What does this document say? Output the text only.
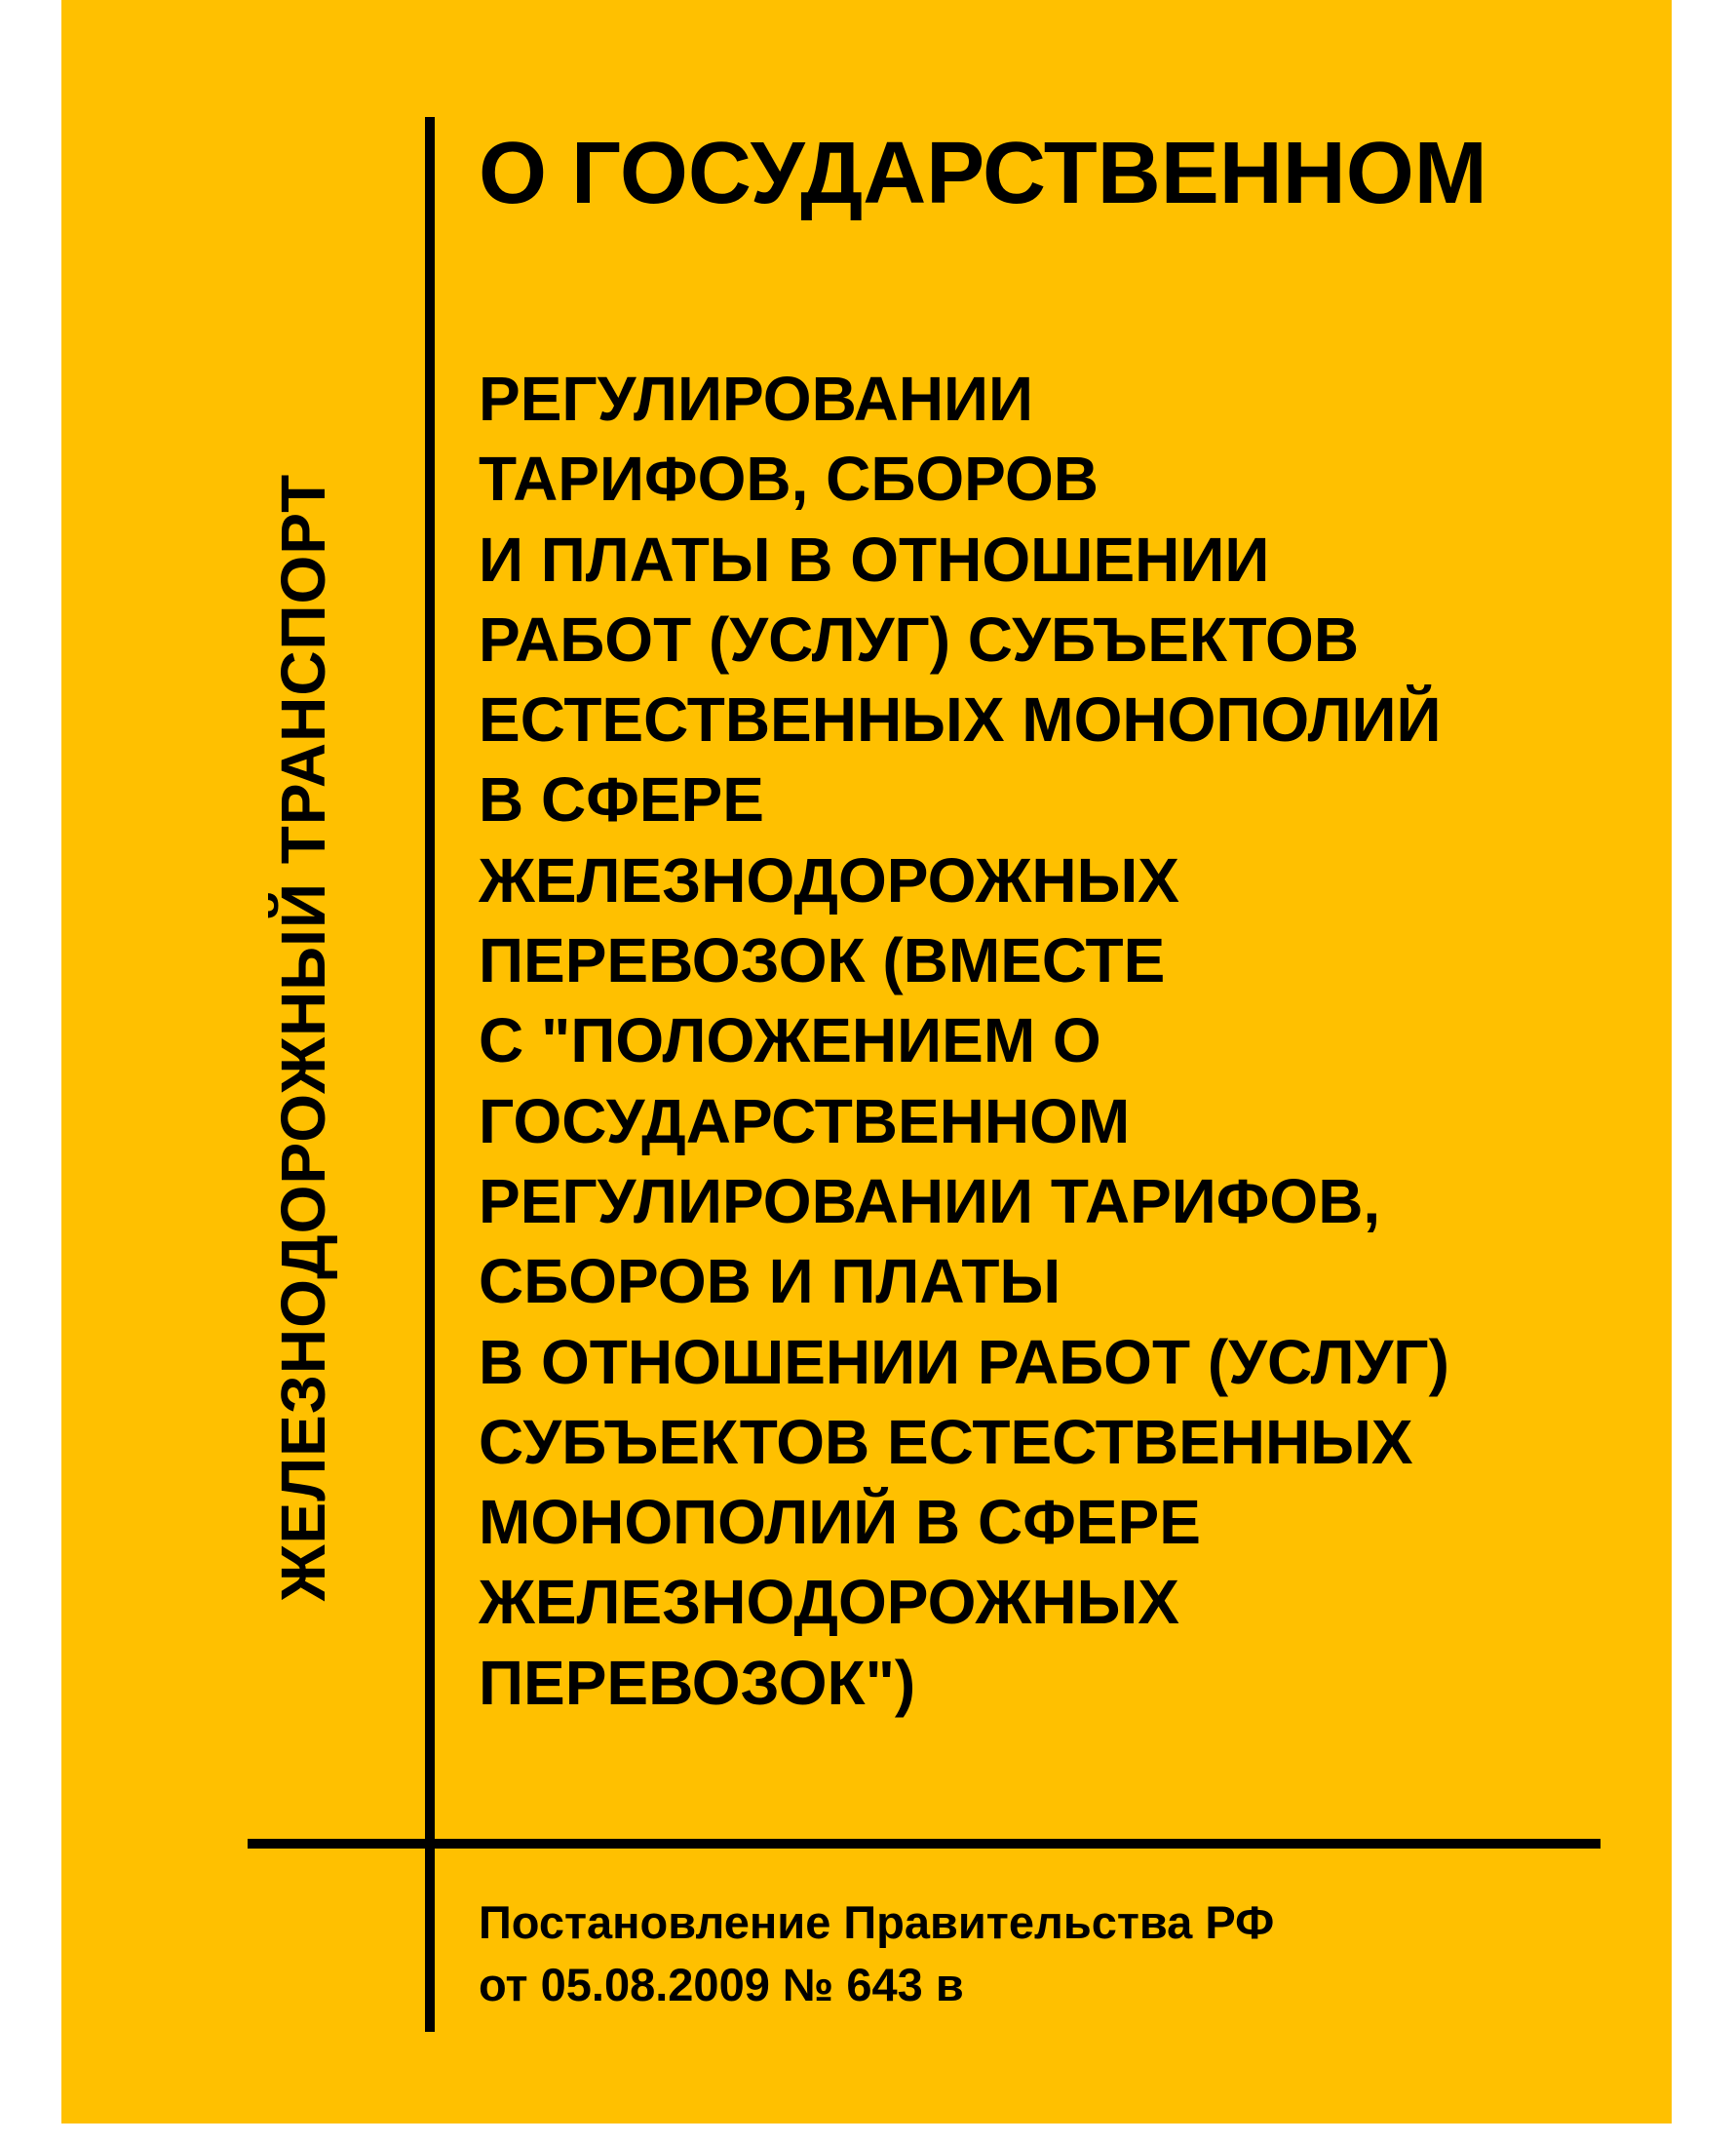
ЖЕЛЕЗНОДОРОЖНЫЙ ТРАНСПОРТ
О ГОСУДАРСТВЕННОМ
РЕГУЛИРОВАНИИ
ТАРИФОВ, СБОРОВ
И ПЛАТЫ В ОТНОШЕНИИ
РАБОТ (УСЛУГ) СУБЪЕКТОВ
ЕСТЕСТВЕННЫХ МОНОПОЛИЙ
В СФЕРЕ
ЖЕЛЕЗНОДОРОЖНЫХ
ПЕРЕВОЗОК (ВМЕСТЕ
С "ПОЛОЖЕНИЕМ О
ГОСУДАРСТВЕННОМ
РЕГУЛИРОВАНИИ ТАРИФОВ,
СБОРОВ И ПЛАТЫ
В ОТНОШЕНИИ РАБОТ (УСЛУГ)
СУБЪЕКТОВ ЕСТЕСТВЕННЫХ
МОНОПОЛИЙ В СФЕРЕ
ЖЕЛЕЗНОДОРОЖНЫХ
ПЕРЕВОЗОК")
Постановление Правительства РФ
от 05.08.2009 № 643 в
